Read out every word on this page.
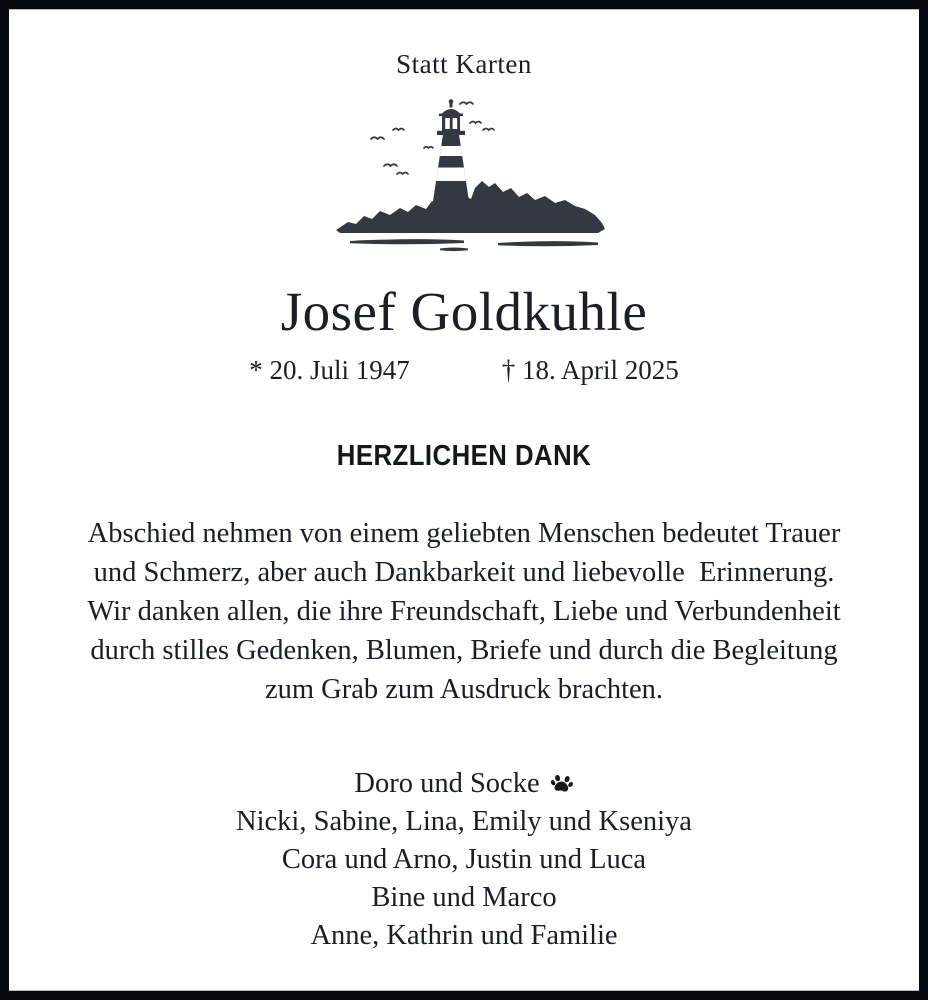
Statt Karten
Josef Goldkuhle
* 20. Juli 1947	† 18. April 2025
HERZLICHEN DANK
Abschied nehmen von einem geliebten Menschen bedeutet Trauer
und Schmerz, aber auch Dankbarkeit und liebevolle  Erinnerung.
Wir danken allen, die ihre Freundschaft, Liebe und Verbundenheit
durch stilles Gedenken, Blumen, Briefe und durch die Begleitung
zum Grab zum Ausdruck brachten.
Doro und Socke
Nicki, Sabine, Lina, Emily und Kseniya
Cora und Arno, Justin und Luca
Bine und Marco
Anne, Kathrin und Familie
